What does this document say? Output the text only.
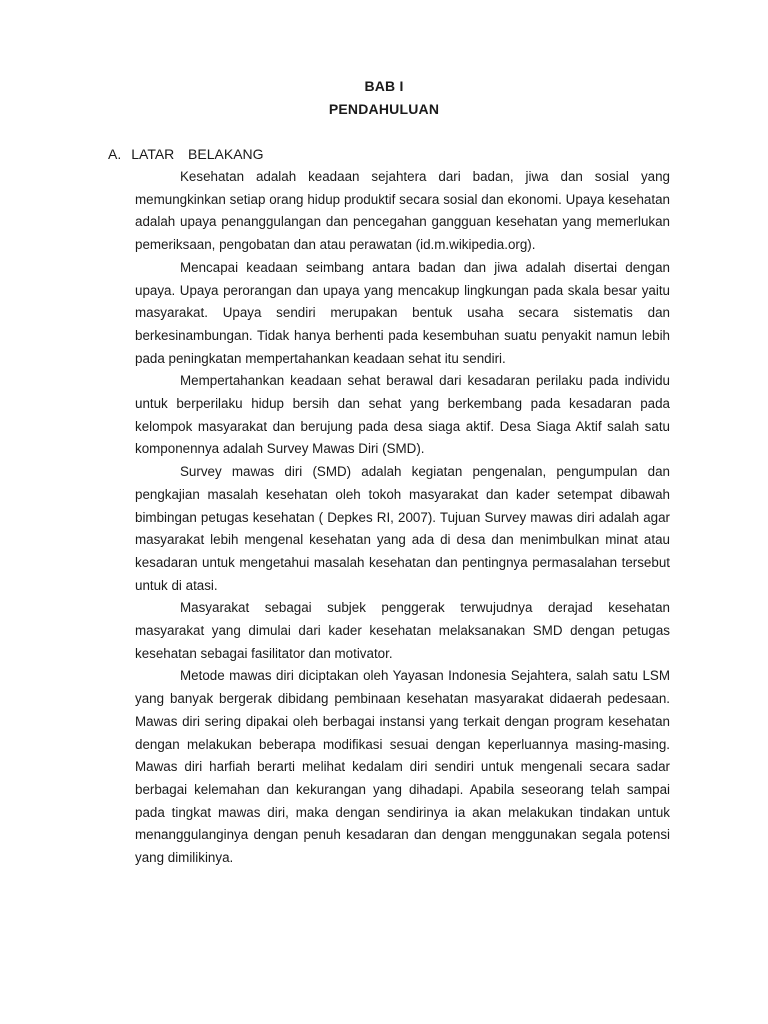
BAB I
PENDAHULUAN
A. LATAR  BELAKANG

Kesehatan adalah keadaan sejahtera dari badan, jiwa dan sosial yang memungkinkan setiap orang hidup produktif secara sosial dan ekonomi. Upaya kesehatan adalah upaya penanggulangan dan pencegahan gangguan kesehatan yang memerlukan pemeriksaan, pengobatan dan atau perawatan (id.m.wikipedia.org).

Mencapai keadaan seimbang antara badan dan jiwa adalah disertai dengan upaya. Upaya perorangan dan upaya yang mencakup lingkungan pada skala besar yaitu masyarakat. Upaya sendiri merupakan bentuk usaha secara sistematis dan berkesinambungan. Tidak hanya berhenti pada kesembuhan suatu penyakit namun lebih pada peningkatan mempertahankan keadaan sehat itu sendiri.

Mempertahankan keadaan sehat berawal dari kesadaran perilaku pada individu untuk berperilaku hidup bersih dan sehat yang berkembang pada kesadaran pada kelompok masyarakat dan berujung pada desa siaga aktif. Desa Siaga Aktif salah satu komponennya adalah Survey Mawas Diri (SMD).

Survey mawas diri (SMD) adalah kegiatan pengenalan, pengumpulan dan pengkajian masalah kesehatan oleh tokoh masyarakat dan kader setempat dibawah bimbingan petugas kesehatan ( Depkes RI, 2007). Tujuan Survey mawas diri adalah agar masyarakat lebih mengenal kesehatan yang ada di desa dan menimbulkan minat atau kesadaran untuk mengetahui masalah kesehatan dan pentingnya permasalahan tersebut untuk di atasi.

Masyarakat sebagai subjek penggerak terwujudnya derajad kesehatan masyarakat yang dimulai dari kader kesehatan melaksanakan SMD dengan petugas kesehatan sebagai fasilitator dan motivator.

Metode mawas diri diciptakan oleh Yayasan Indonesia Sejahtera, salah satu LSM yang banyak bergerak dibidang pembinaan kesehatan masyarakat didaerah pedesaan. Mawas diri sering dipakai oleh berbagai instansi yang terkait dengan program kesehatan dengan melakukan beberapa modifikasi sesuai dengan keperluannya masing-masing. Mawas diri harfiah berarti melihat kedalam diri sendiri untuk mengenali secara sadar berbagai kelemahan dan kekurangan yang dihadapi. Apabila seseorang telah sampai pada tingkat mawas diri, maka dengan sendirinya ia akan melakukan tindakan untuk menanggulanginya dengan penuh kesadaran dan dengan menggunakan segala potensi yang dimilikinya.
